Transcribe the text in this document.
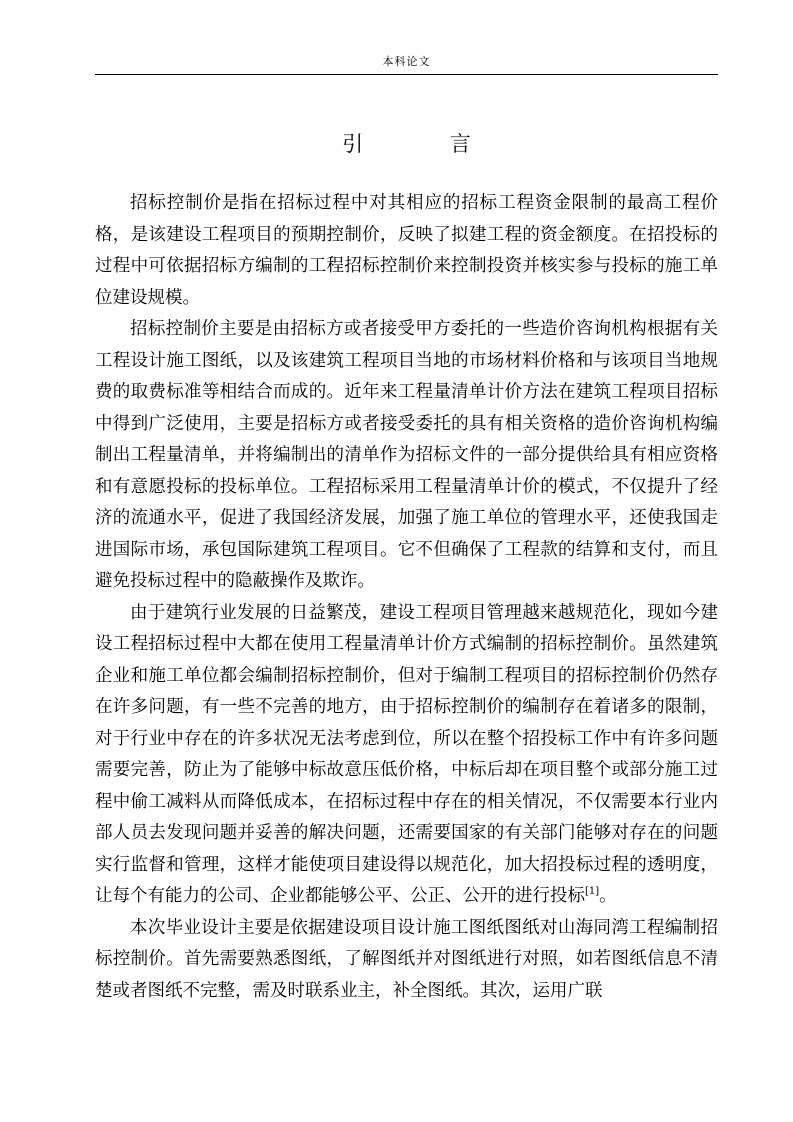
本科论文
引 言

招标控制价是指在招标过程中对其相应的招标工程资金限制的最高工程价格，是该建设工程项目的预期控制价，反映了拟建工程的资金额度。在招投标的过程中可依据招标方编制的工程招标控制价来控制投资并核实参与投标的施工单位建设规模。

招标控制价主要是由招标方或者接受甲方委托的一些造价咨询机构根据有关工程设计施工图纸，以及该建筑工程项目当地的市场材料价格和与该项目当地规费的取费标准等相结合而成的。近年来工程量清单计价方法在建筑工程项目招标中得到广泛使用，主要是招标方或者接受委托的具有相关资格的造价咨询机构编制出工程量清单，并将编制出的清单作为招标文件的一部分提供给具有相应资格和有意愿投标的投标单位。工程招标采用工程量清单计价的模式，不仅提升了经济的流通水平，促进了我国经济发展，加强了施工单位的管理水平，还使我国走进国际市场，承包国际建筑工程项目。它不但确保了工程款的结算和支付，而且避免投标过程中的隐蔽操作及欺诈。

由于建筑行业发展的日益繁茂，建设工程项目管理越来越规范化，现如今建设工程招标过程中大都在使用工程量清单计价方式编制的招标控制价。虽然建筑企业和施工单位都会编制招标控制价，但对于编制工程项目的招标控制价仍然存在许多问题，有一些不完善的地方，由于招标控制价的编制存在着诸多的限制，对于行业中存在的许多状况无法考虑到位，所以在整个招投标工作中有许多问题需要完善，防止为了能够中标故意压低价格，中标后却在项目整个或部分施工过程中偷工减料从而降低成本，在招标过程中存在的相关情况，不仅需要本行业内部人员去发现问题并妥善的解决问题，还需要国家的有关部门能够对存在的问题实行监督和管理，这样才能使项目建设得以规范化，加大招投标过程的透明度，让每个有能力的公司、企业都能够公平、公正、公开的进行投标[1]。

本次毕业设计主要是依据建设项目设计施工图纸图纸对山海同湾工程编制招标控制价。首先需要熟悉图纸，了解图纸并对图纸进行对照，如若图纸信息不清楚或者图纸不完整，需及时联系业主，补全图纸。其次，运用广联
